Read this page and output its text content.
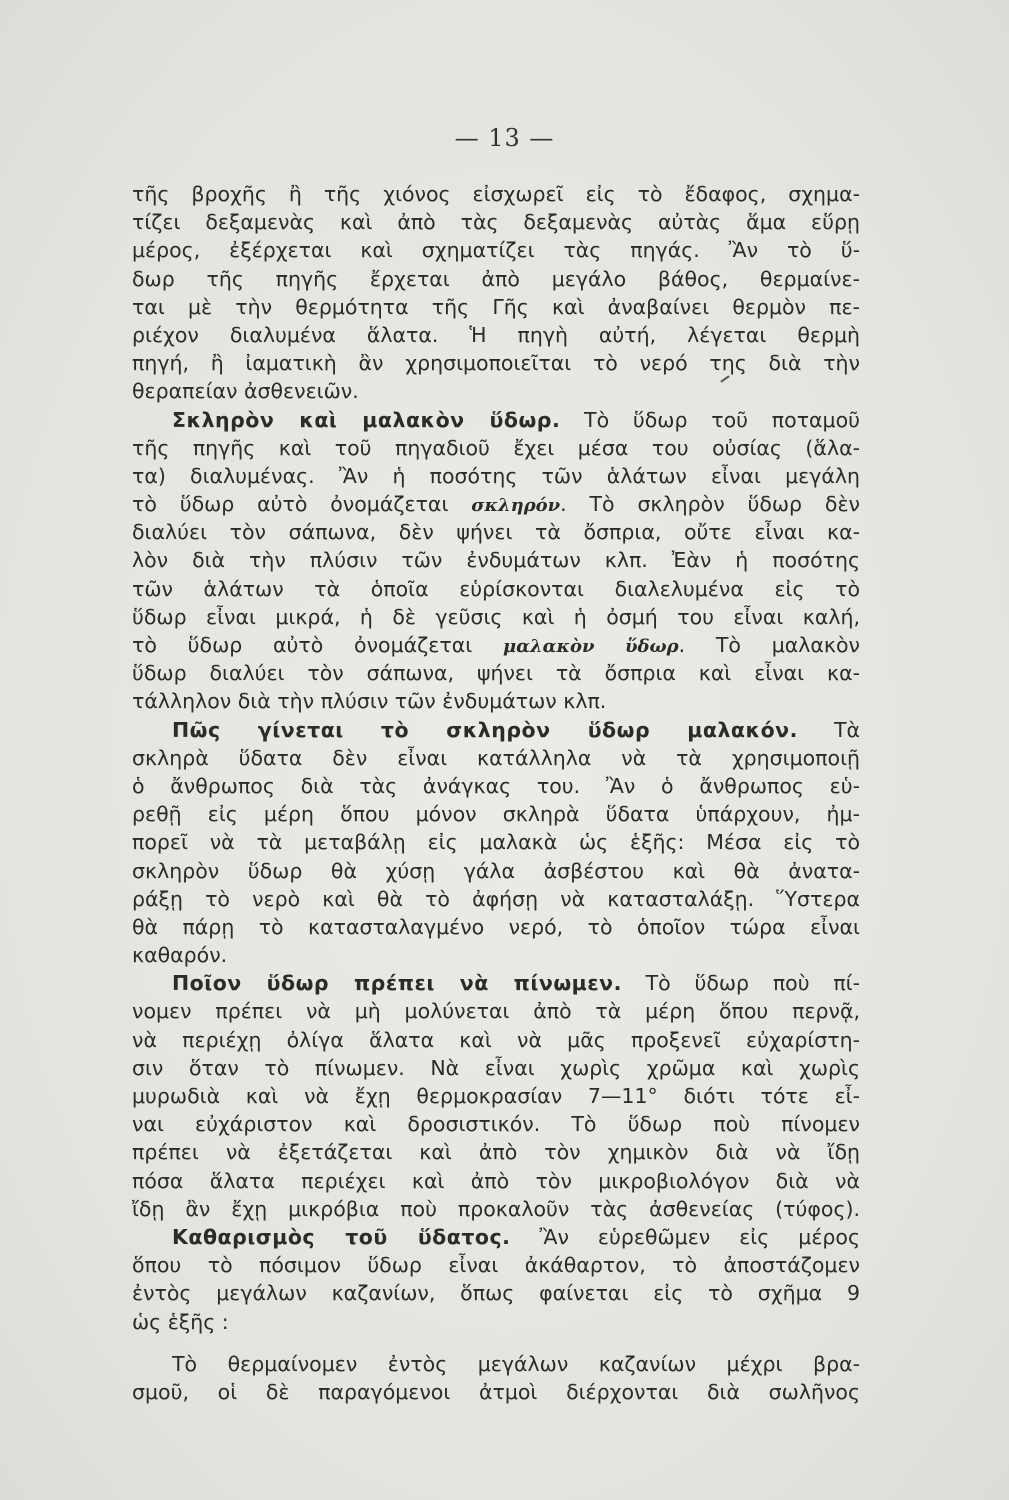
— 13 —
τῆς βροχῆς ἢ τῆς χιόνος εἰσχωρεῖ εἰς τὸ ἔδαφος, σχημα-
τίζει δεξαμενὰς καὶ ἀπὸ τὰς δεξαμενὰς αὐτὰς ἅμα εὕρῃ
μέρος, ἐξέρχεται καὶ σχηματίζει τὰς πηγάς. Ἂν τὸ ὕ-
δωρ τῆς πηγῆς ἔρχεται ἀπὸ μεγάλο βάθος, θερμαίνε-
ται μὲ τὴν θερμότητα τῆς Γῆς καὶ ἀναβαίνει θερμὸν πε-
ριέχον διαλυμένα ἅλατα. Ἡ πηγὴ αὐτή, λέγεται θερμὴ
πηγή, ἢ ἰαματικὴ ἂν χρησιμοποιεῖται τὸ νερό της διὰ τὴν
θεραπείαν ἀσθενειῶν.
Σκληρὸν καὶ μαλακὸν ὕδωρ. Τὸ ὕδωρ τοῦ ποταμοῦ
τῆς πηγῆς καὶ τοῦ πηγαδιοῦ ἔχει μέσα του οὐσίας (ἅλα-
τα) διαλυμένας. Ἂν ἡ ποσότης τῶν ἁλάτων εἶναι μεγάλη
τὸ ὕδωρ αὐτὸ ὀνομάζεται σκληρόν. Τὸ σκληρὸν ὕδωρ δὲν
διαλύει τὸν σάπωνα, δὲν ψήνει τὰ ὄσπρια, οὔτε εἶναι κα-
λὸν διὰ τὴν πλύσιν τῶν ἐνδυμάτων κλπ. Ἐὰν ἡ ποσότης
τῶν ἁλάτων τὰ ὁποῖα εὑρίσκονται διαλελυμένα εἰς τὸ
ὕδωρ εἶναι μικρά, ἡ δὲ γεῦσις καὶ ἡ ὀσμή του εἶναι καλή,
τὸ ὕδωρ αὐτὸ ὀνομάζεται μαλακὸν ὕδωρ. Τὸ μαλακὸν
ὕδωρ διαλύει τὸν σάπωνα, ψήνει τὰ ὄσπρια καὶ εἶναι κα-
τάλληλον διὰ τὴν πλύσιν τῶν ἐνδυμάτων κλπ.
Πῶς γίνεται τὸ σκληρὸν ὕδωρ μαλακόν. Τὰ
σκληρὰ ὕδατα δὲν εἶναι κατάλληλα νὰ τὰ χρησιμοποιῇ
ὁ ἄνθρωπος διὰ τὰς ἀνάγκας του. Ἂν ὁ ἄνθρωπος εὑ-
ρεθῇ εἰς μέρη ὅπου μόνον σκληρὰ ὕδατα ὑπάρχουν, ἠμ-
πορεῖ νὰ τὰ μεταβάλῃ εἰς μαλακὰ ὡς ἑξῆς: Μέσα εἰς τὸ
σκληρὸν ὕδωρ θὰ χύσῃ γάλα ἀσβέστου καὶ θὰ ἀνατα-
ράξῃ τὸ νερὸ καὶ θὰ τὸ ἀφήσῃ νὰ κατασταλάξῃ. Ὕστερα
θὰ πάρῃ τὸ κατασταλαγμένο νερό, τὸ ὁποῖον τώρα εἶναι
καθαρόν.
Ποῖον ὕδωρ πρέπει νὰ πίνωμεν. Τὸ ὕδωρ ποὺ πί-
νομεν πρέπει νὰ μὴ μολύνεται ἀπὸ τὰ μέρη ὅπου περνᾷ,
νὰ περιέχῃ ὀλίγα ἅλατα καὶ νὰ μᾶς προξενεῖ εὐχαρίστη-
σιν ὅταν τὸ πίνωμεν. Νὰ εἶναι χωρὶς χρῶμα καὶ χωρὶς
μυρωδιὰ καὶ νὰ ἔχῃ θερμοκρασίαν 7—11° διότι τότε εἶ-
ναι εὐχάριστον καὶ δροσιστικόν. Τὸ ὕδωρ ποὺ πίνομεν
πρέπει νὰ ἐξετάζεται καὶ ἀπὸ τὸν χημικὸν διὰ νὰ ἴδῃ
πόσα ἅλατα περιέχει καὶ ἀπὸ τὸν μικροβιολόγον διὰ νὰ
ἴδῃ ἂν ἔχῃ μικρόβια ποὺ προκαλοῦν τὰς ἀσθενείας (τύφος).
Καθαρισμὸς τοῦ ὕδατος. Ἂν εὑρεθῶμεν εἰς μέρος
ὅπου τὸ πόσιμον ὕδωρ εἶναι ἀκάθαρτον, τὸ ἀποστάζομεν
ἐντὸς μεγάλων καζανίων, ὅπως φαίνεται εἰς τὸ σχῆμα 9
ὡς ἑξῆς :
Τὸ θερμαίνομεν ἐντὸς μεγάλων καζανίων μέχρι βρα-
σμοῦ, οἱ δὲ παραγόμενοι ἀτμοὶ διέρχονται διὰ σωλῆνος
